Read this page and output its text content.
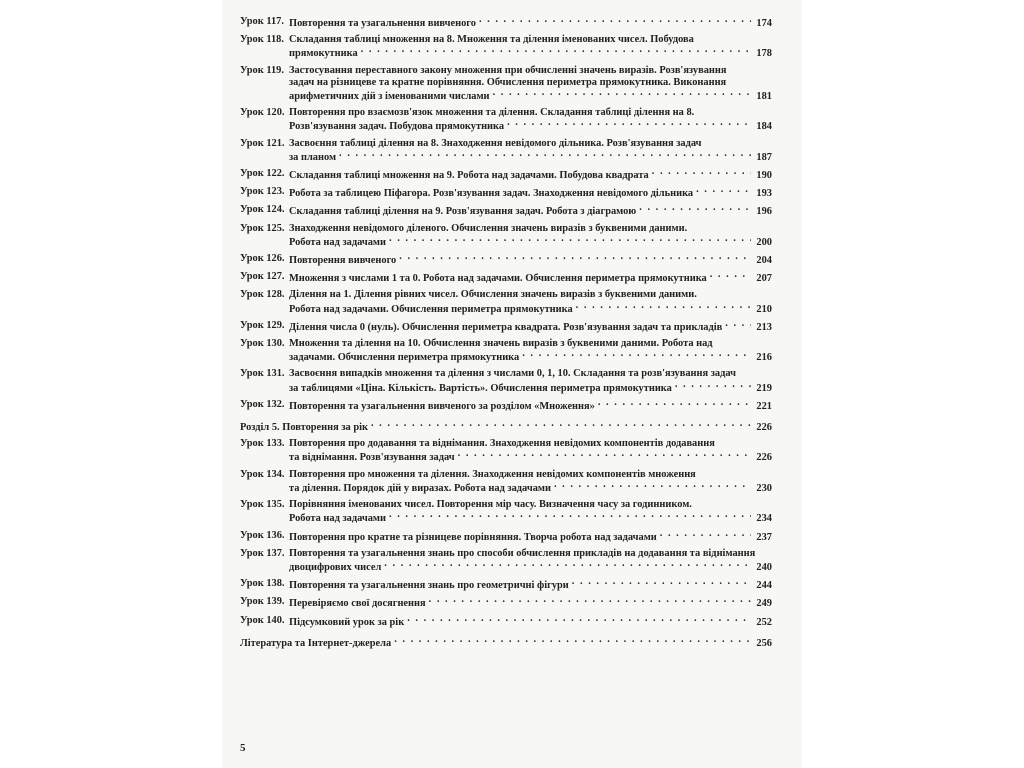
Урок 117. Повторення та узагальнення вивченого . . .	174
Урок 118. Складання таблиці множення на 8. Множення та ділення іменованих чисел. Побудова
прямокутника . . .	178
Урок 119. Застосування переставного закону множення при обчисленні значень виразів. Розв'язування
задач на різницеве та кратне порівняння. Обчислення периметра прямокутника. Виконання
арифметичних дій з іменованими числами . . .	181
Урок 120. Повторення про взаємозв'язок множення та ділення. Складання таблиці ділення на 8.
Розв'язування задач. Побудова прямокутника . . .	184
Урок 121. Засвоєння таблиці ділення на 8. Знаходження невідомого дільника. Розв'язування задач
за планом . . .	187
Урок 122. Складання таблиці множення на 9. Робота над задачами. Побудова квадрата . . .	190
Урок 123. Робота за таблицею Піфагора. Розв'язування задач. Знаходження невідомого дільника . . .	193
Урок 124. Складання таблиці ділення на 9. Розв'язування задач. Робота з діаграмою . . .	196
Урок 125. Знаходження невідомого діленого. Обчислення значень виразів з буквеними даними.
Робота над задачами . . .	200
Урок 126. Повторення вивченого . . .	204
Урок 127. Множення з числами 1 та 0. Робота над задачами. Обчислення периметра прямокутника . . .	207
Урок 128. Ділення на 1. Ділення рівних чисел. Обчислення значень виразів з буквеними даними.
Робота над задачами. Обчислення периметра прямокутника . . .	210
Урок 129. Ділення числа 0 (нуль). Обчислення периметра квадрата. Розв'язування задач та прикладів . . .	213
Урок 130. Множення та ділення на 10. Обчислення значень виразів з буквеними даними. Робота над
задачами. Обчислення периметра прямокутника . . .	216
Урок 131. Засвоєння випадків множення та ділення з числами 0, 1, 10. Складання та розв'язування задач
за таблицями «Ціна. Кількість. Вартість». Обчислення периметра прямокутника . . .	219
Урок 132. Повторення та узагальнення вивченого за розділом «Множення» . . .	221
Розділ 5. Повторення за рік . . .	226
Урок 133. Повторення про додавання та віднімання. Знаходження невідомих компонентів додавання
та віднімання. Розв'язування задач . . .	226
Урок 134. Повторення про множення та ділення. Знаходження невідомих компонентів множення
та ділення. Порядок дій у виразах. Робота над задачами . . .	230
Урок 135. Порівняння іменованих чисел. Повторення мір часу. Визначення часу за годинником.
Робота над задачами . . .	234
Урок 136. Повторення про кратне та різницеве порівняння. Творча робота над задачами . . .	237
Урок 137. Повторення та узагальнення знань про способи обчислення прикладів на додавання та віднімання
двоцифрових чисел . . .	240
Урок 138. Повторення та узагальнення знань про геометричні фігури . . .	244
Урок 139. Перевіряємо свої досягнення . . .	249
Урок 140. Підсумковий урок за рік . . .	252
Література та Інтернет-джерела . . .	256
5
